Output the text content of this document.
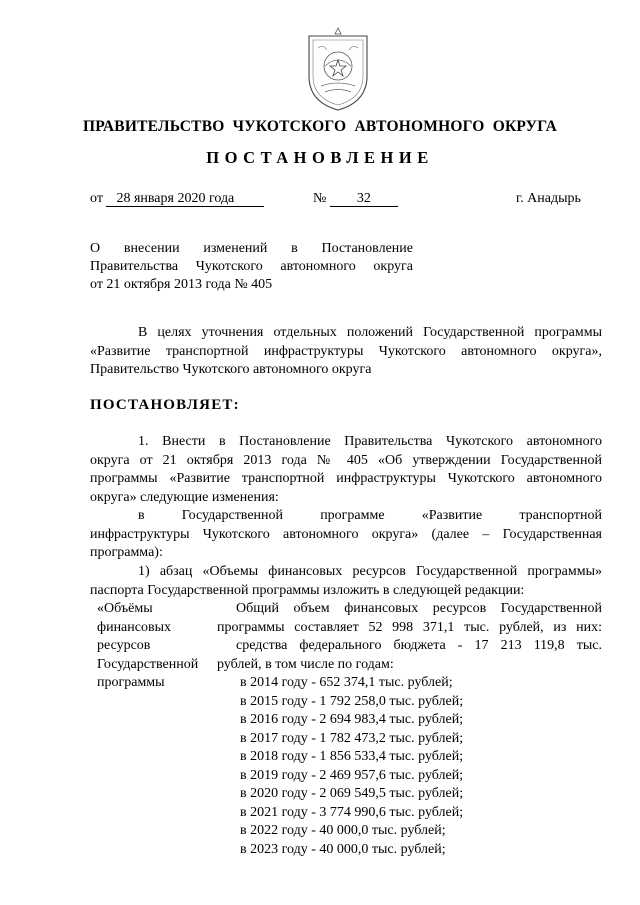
ПРАВИТЕЛЬСТВО  ЧУКОТСКОГО  АВТОНОМНОГО  ОКРУГА
ПОСТАНОВЛЕНИЕ
от 28 января 2020 года	№ 32	г. Анадырь
О внесении изменений в Постановление
Правительства Чукотского автономного округа
от 21 октября 2013 года № 405
В целях уточнения отдельных положений Государственной программы
«Развитие транспортной инфраструктуры Чукотского автономного округа»,
Правительство Чукотского автономного округа
ПОСТАНОВЛЯЕТ:
1. Внести в Постановление Правительства Чукотского автономного
округа от 21 октября 2013 года № 405 «Об утверждении Государственной
программы «Развитие транспортной инфраструктуры Чукотского автономного
округа» следующие изменения:
в Государственной программе «Развитие транспортной
инфраструктуры Чукотского автономного округа» (далее – Государственная
программа):
1) абзац «Объемы финансовых ресурсов Государственной программы»
паспорта Государственной программы изложить в следующей редакции:
«Объёмы
финансовых
ресурсов
Государственной
программы
Общий объем финансовых ресурсов Государственной
программы составляет 52 998 371,1 тыс. рублей, из них:
средства федерального бюджета - 17 213 119,8 тыс.
рублей, в том числе по годам:
в 2014 году - 652 374,1 тыс. рублей;
в 2015 году - 1 792 258,0 тыс. рублей;
в 2016 году - 2 694 983,4 тыс. рублей;
в 2017 году - 1 782 473,2 тыс. рублей;
в 2018 году - 1 856 533,4 тыс. рублей;
в 2019 году - 2 469 957,6 тыс. рублей;
в 2020 году - 2 069 549,5 тыс. рублей;
в 2021 году - 3 774 990,6 тыс. рублей;
в 2022 году - 40 000,0 тыс. рублей;
в 2023 году - 40 000,0 тыс. рублей;
